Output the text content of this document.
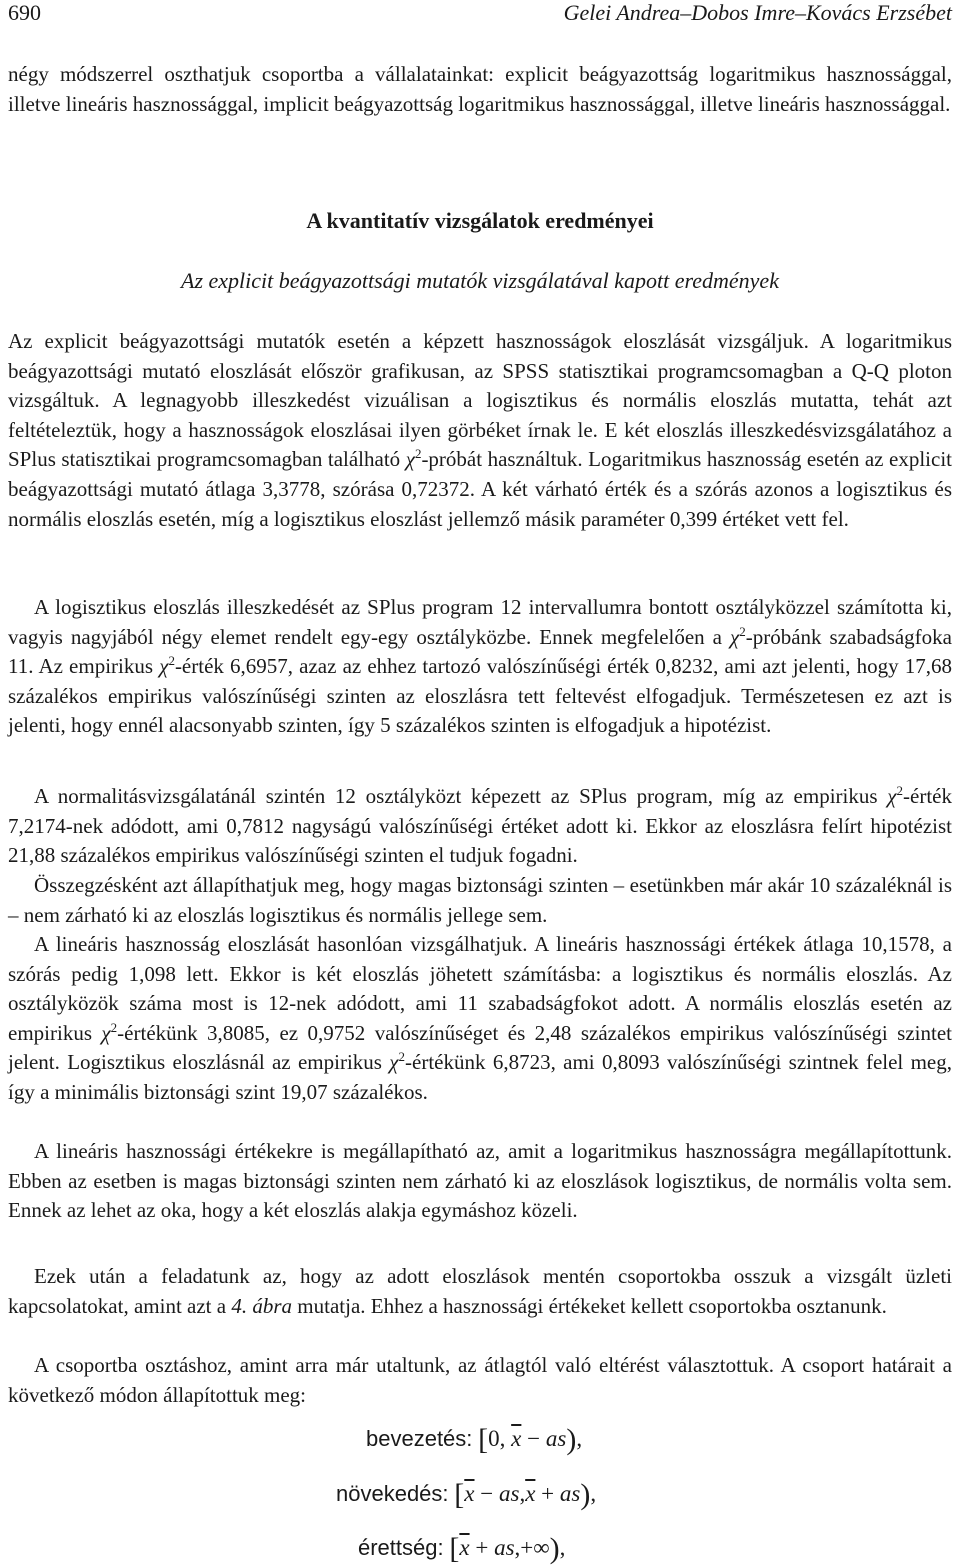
690	Gelei Andrea–Dobos Imre–Kovács Erzsébet

négy módszerrel oszthatjuk csoportba a vállalatainkat: explicit beágyazottság logaritmikus hasznossággal, illetve lineáris hasznossággal, implicit beágyazottság logaritmikus hasznossággal, illetve lineáris hasznossággal.

A kvantitatív vizsgálatok eredményei
Az explicit beágyazottsági mutatók vizsgálatával kapott eredmények

Az explicit beágyazottsági mutatók esetén a képzett hasznosságok eloszlását vizsgáljuk. A logaritmikus beágyazottsági mutató eloszlását először grafikusan, az SPSS statisztikai programcsomagban a Q-Q ploton vizsgáltuk. A legnagyobb illeszkedést vizuálisan a logisztikus és normális eloszlás mutatta, tehát azt feltételeztük, hogy a hasznosságok eloszlásai ilyen görbéket írnak le. E két eloszlás illeszkedésvizsgálatához a SPlus statisztikai programcsomagban található $\chi^2$-próbát használtuk. Logaritmikus hasznosság esetén az explicit beágyazottsági mutató átlaga 3,3778, szórása 0,72372. A két várható érték és a szórás azonos a logisztikus és normális eloszlás esetén, míg a logisztikus eloszlást jellemző másik paraméter 0,399 értéket vett fel.

A logisztikus eloszlás illeszkedését az SPlus program 12 intervallumra bontott osztályközzel számította ki, vagyis nagyjából négy elemet rendelt egy-egy osztályközbe. Ennek megfelelően a $\chi^2$-próbánk szabadságfoka 11. Az empirikus $\chi^2$-érték 6,6957, azaz az ehhez tartozó valószínűségi érték 0,8232, ami azt jelenti, hogy 17,68 százalékos empirikus valószínűségi szinten az eloszlásra tett feltevést elfogadjuk. Természetesen ez azt is jelenti, hogy ennél alacsonyabb szinten, így 5 százalékos szinten is elfogadjuk a hipotézist.

A normalitásvizsgálatánál szintén 12 osztályközt képezett az SPlus program, míg az empirikus $\chi^2$-érték 7,2174-nek adódott, ami 0,7812 nagyságú valószínűségi értéket adott ki. Ekkor az eloszlásra felírt hipotézist 21,88 százalékos empirikus valószínűségi szinten el tudjuk fogadni.

Összegzésként azt állapíthatjuk meg, hogy magas biztonsági szinten – esetünkben már akár 10 százaléknál is – nem zárható ki az eloszlás logisztikus és normális jellege sem.

A lineáris hasznosság eloszlását hasonlóan vizsgálhatjuk. A lineáris hasznossági értékek átlaga 10,1578, a szórás pedig 1,098 lett. Ekkor is két eloszlás jöhetett számításba: a logisztikus és normális eloszlás. Az osztályközök száma most is 12-nek adódott, ami 11 szabadságfokot adott. A normális eloszlás esetén az empirikus $\chi^2$-értékünk 3,8085, ez 0,9752 valószínűséget és 2,48 százalékos empirikus valószínűségi szintet jelent. Logisztikus eloszlásnál az empirikus $\chi^2$-értékünk 6,8723, ami 0,8093 valószínűségi szintnek felel meg, így a minimális biztonsági szint 19,07 százalékos.

A lineáris hasznossági értékekre is megállapítható az, amit a logaritmikus hasznosságra megállapítottunk. Ebben az esetben is magas biztonsági szinten nem zárható ki az eloszlások logisztikus, de normális volta sem. Ennek az lehet az oka, hogy a két eloszlás alakja egymáshoz közeli.

Ezek után a feladatunk az, hogy az adott eloszlások mentén csoportokba osszuk a vizsgált üzleti kapcsolatokat, amint azt a 4. ábra mutatja. Ehhez a hasznossági értékeket kellett csoportokba osztanunk.

A csoportba osztáshoz, amint arra már utaltunk, az átlagtól való eltérést választottuk. A csoport határait a következő módon állapítottuk meg:

bevezetés: [0, $\overline{x} - as$),
növekedés: $[\overline{x} - as,\overline{x} + as)$,
érettség: $[\overline{x} + as,+\infty)$,
